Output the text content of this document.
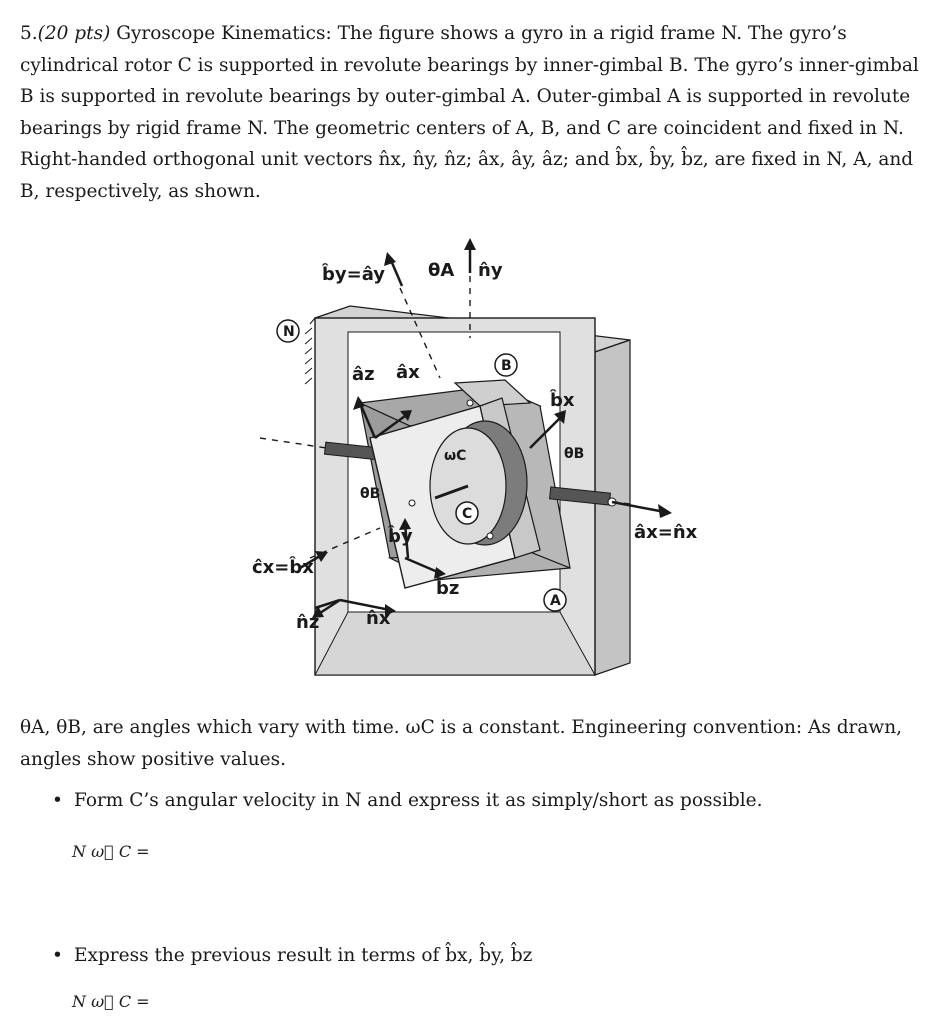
5.(20 pts) Gyroscope Kinematics: The figure shows a gyro in a rigid frame N. The gyro’s cylindrical rotor C is supported in revolute bearings by inner-gimbal B. The gyro’s inner-gimbal B is supported in revolute bearings by outer-gimbal A. Outer-gimbal A is supported in revolute bearings by rigid frame N. The geometric centers of A, B, and C are coincident and fixed in N. Right-handed orthogonal unit vectors n̂x, n̂y, n̂z; âx, ây, âz; and b̂x, b̂y, b̂z, are fixed in N, A, and B, respectively, as shown.
b̂y=ây θA n̂y
N
âz âx	B
b̂x
θB
ωC
θB
C
âx=n̂x
b̂y
ĉx=b̂x
b̂z
A
n̂z	n̂x
θA, θB, are angles which vary with time. ωC is a constant. Engineering convention: As drawn, angles show positive values.
• Form C’s angular velocity in N and express it as simply/short as possible.
N ω⃗ C =
• Express the previous result in terms of b̂x, b̂y, b̂z
N ω⃗ C =
